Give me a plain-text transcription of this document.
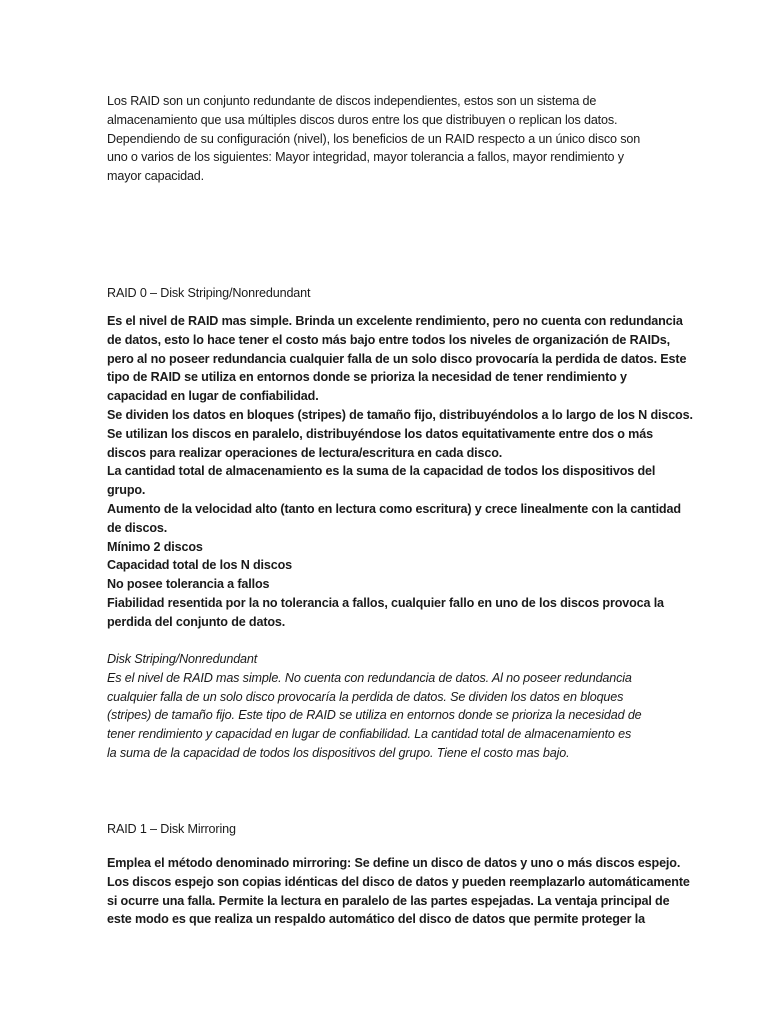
Los RAID son un conjunto redundante de discos independientes, estos son un sistema de
almacenamiento que usa múltiples discos duros entre los que distribuyen o replican los datos.
Dependiendo de su configuración (nivel), los beneficios de un RAID respecto a un único disco son
uno o varios de los siguientes: Mayor integridad, mayor tolerancia a fallos, mayor rendimiento y
mayor capacidad.
RAID 0 – Disk Striping/Nonredundant
Es el nivel de RAID mas simple. Brinda un excelente rendimiento, pero no cuenta con redundancia
de datos, esto lo hace tener el costo más bajo entre todos los niveles de organización de RAIDs,
pero al no poseer redundancia cualquier falla de un solo disco provocaría la perdida de datos. Este
tipo de RAID se utiliza en entornos donde se prioriza la necesidad de tener rendimiento y
capacidad en lugar de confiabilidad.
Se dividen los datos en bloques (stripes) de tamaño fijo, distribuyéndolos a lo largo de los N discos.
Se utilizan los discos en paralelo, distribuyéndose los datos equitativamente entre dos o más
discos para realizar operaciones de lectura/escritura en cada disco.
La cantidad total de almacenamiento es la suma de la capacidad de todos los dispositivos del
grupo.
Aumento de la velocidad alto (tanto en lectura como escritura) y crece linealmente con la cantidad
de discos.
Mínimo 2 discos
Capacidad total de los N discos
No posee tolerancia a fallos
Fiabilidad resentida por la no tolerancia a fallos, cualquier fallo en uno de los discos provoca la
perdida del conjunto de datos.
Disk Striping/Nonredundant
Es el nivel de RAID mas simple. No cuenta con redundancia de datos. Al no poseer redundancia
cualquier falla de un solo disco provocaría la perdida de datos. Se dividen los datos en bloques
(stripes) de tamaño fijo. Este tipo de RAID se utiliza en entornos donde se prioriza la necesidad de
tener rendimiento y capacidad en lugar de confiabilidad. La cantidad total de almacenamiento es
la suma de la capacidad de todos los dispositivos del grupo. Tiene el costo mas bajo.
RAID 1 – Disk Mirroring
Emplea el método denominado mirroring: Se define un disco de datos y uno o más discos espejo.
Los discos espejo son copias idénticas del disco de datos y pueden reemplazarlo automáticamente
si ocurre una falla. Permite la lectura en paralelo de las partes espejadas. La ventaja principal de
este modo es que realiza un respaldo automático del disco de datos que permite proteger la
